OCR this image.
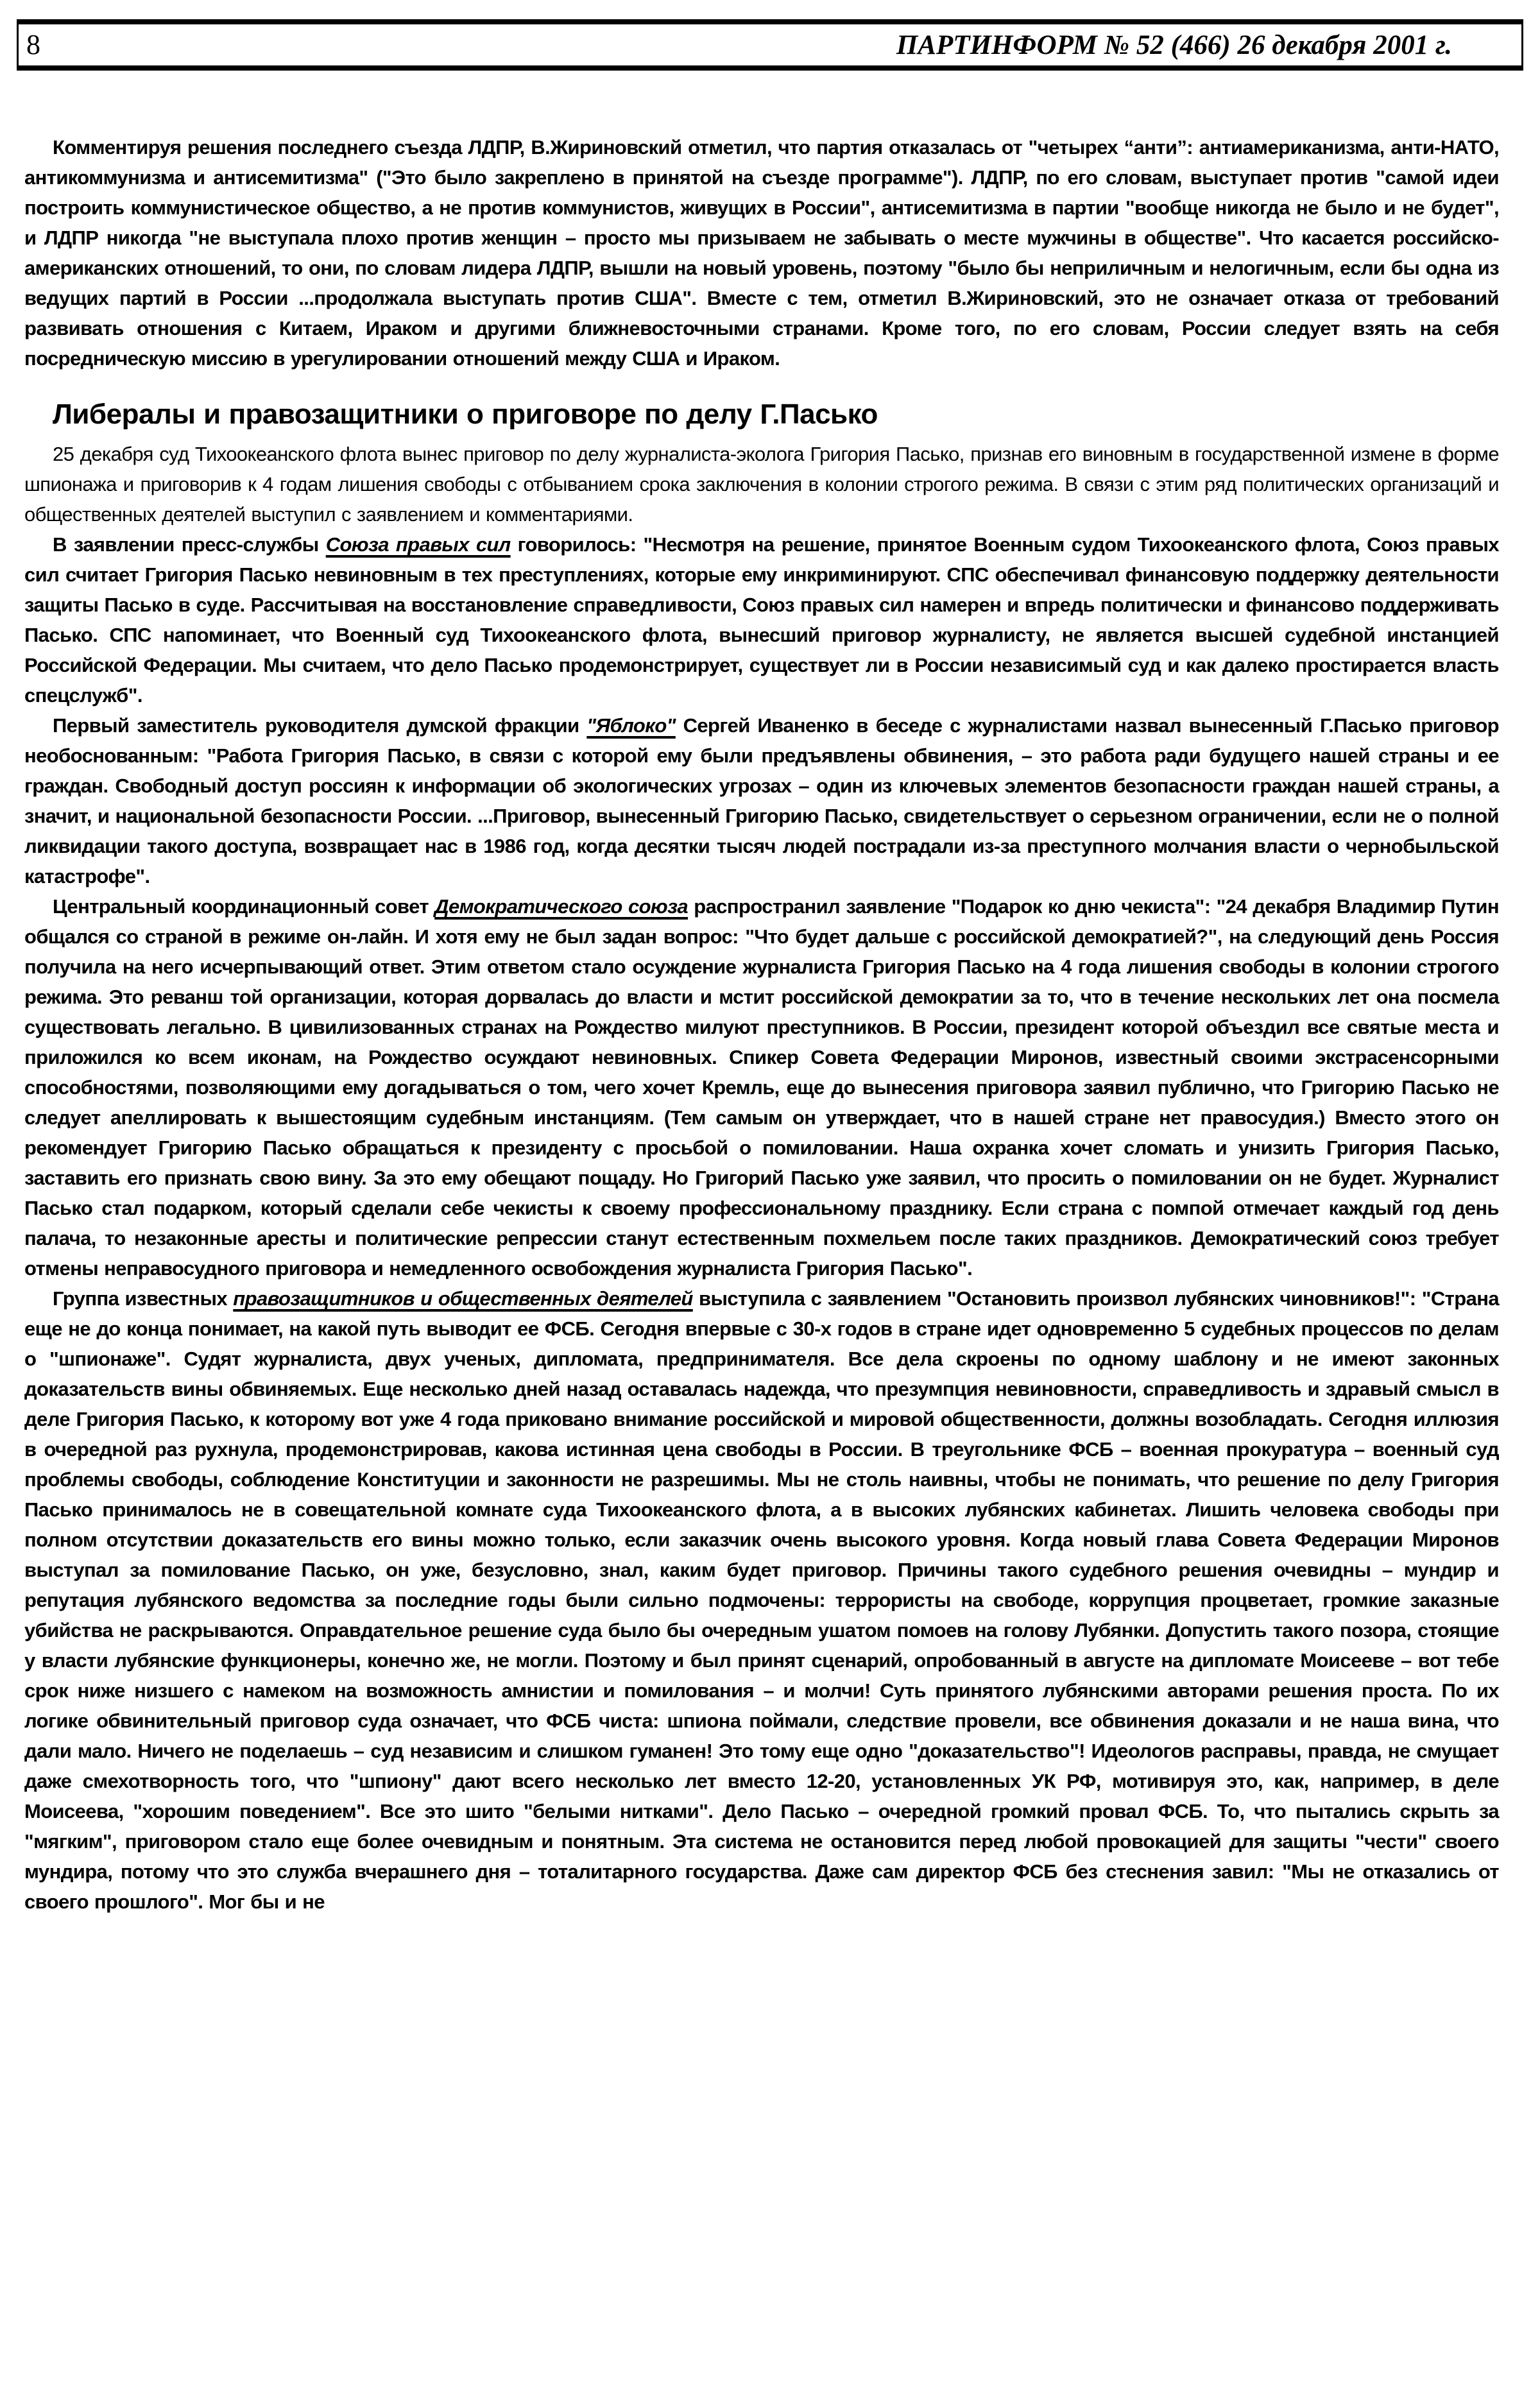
8	ПАРТИНФОРМ № 52 (466) 26 декабря 2001 г.

Комментируя решения последнего съезда ЛДПР, В.Жириновский отметил, что партия отказалась от "четырех “анти”: антиамериканизма, анти-НАТО, антикоммунизма и антисемитизма" ("Это было закреплено в принятой на съезде программе"). ЛДПР, по его словам, выступает против "самой идеи построить коммунистическое общество, а не против коммунистов, живущих в России", антисемитизма в партии "вообще никогда не было и не будет", и ЛДПР никогда "не выступала плохо против женщин – просто мы призываем не забывать о месте мужчины в обществе". Что касается российско-американских отношений, то они, по словам лидера ЛДПР, вышли на новый уровень, поэтому "было бы неприличным и нелогичным, если бы одна из ведущих партий в России ...продолжала выступать против США". Вместе с тем, отметил В.Жириновский, это не означает отказа от требований развивать отношения с Китаем, Ираком и другими ближневосточными странами. Кроме того, по его словам, России следует взять на себя посредническую миссию в урегулировании отношений между США и Ираком.

Либералы и правозащитники о приговоре по делу Г.Пасько

25 декабря суд Тихоокеанского флота вынес приговор по делу журналиста-эколога Григория Пасько, признав его виновным в государственной измене в форме шпионажа и приговорив к 4 годам лишения свободы с отбыванием срока заключения в колонии строгого режима. В связи с этим ряд политических организаций и общественных деятелей выступил с заявлением и комментариями.

В заявлении пресс-службы Союза правых сил говорилось: "Несмотря на решение, принятое Военным судом Тихоокеанского флота, Союз правых сил считает Григория Пасько невиновным в тех преступлениях, которые ему инкриминируют. СПС обеспечивал финансовую поддержку деятельности защиты Пасько в суде. Рассчитывая на восстановление справедливости, Союз правых сил намерен и впредь политически и финансово поддерживать Пасько. СПС напоминает, что Военный суд Тихоокеанского флота, вынесший приговор журналисту, не является высшей судебной инстанцией Российской Федерации. Мы считаем, что дело Пасько продемонстрирует, существует ли в России независимый суд и как далеко простирается власть спецслужб".

Первый заместитель руководителя думской фракции "Яблоко" Сергей Иваненко в беседе с журналистами назвал вынесенный Г.Пасько приговор необоснованным: "Работа Григория Пасько, в связи с которой ему были предъявлены обвинения, – это работа ради будущего нашей страны и ее граждан. Свободный доступ россиян к информации об экологических угрозах – один из ключевых элементов безопасности граждан нашей страны, а значит, и национальной безопасности России. ...Приговор, вынесенный Григорию Пасько, свидетельствует о серьезном ограничении, если не о полной ликвидации такого доступа, возвращает нас в 1986 год, когда десятки тысяч людей пострадали из-за преступного молчания власти о чернобыльской катастрофе".

Центральный координационный совет Демократического союза распространил заявление "Подарок ко дню чекиста": "24 декабря Владимир Путин общался со страной в режиме он-лайн. И хотя ему не был задан вопрос: "Что будет дальше с российской демократией?", на следующий день Россия получила на него исчерпывающий ответ. Этим ответом стало осуждение журналиста Григория Пасько на 4 года лишения свободы в колонии строгого режима. Это реванш той организации, которая дорвалась до власти и мстит российской демократии за то, что в течение нескольких лет она посмела существовать легально. В цивилизованных странах на Рождество милуют преступников. В России, президент которой объездил все святые места и приложился ко всем иконам, на Рождество осуждают невиновных. Спикер Совета Федерации Миронов, известный своими экстрасенсорными способностями, позволяющими ему догадываться о том, чего хочет Кремль, еще до вынесения приговора заявил публично, что Григорию Пасько не следует апеллировать к вышестоящим судебным инстанциям. (Тем самым он утверждает, что в нашей стране нет правосудия.) Вместо этого он рекомендует Григорию Пасько обращаться к президенту с просьбой о помиловании. Наша охранка хочет сломать и унизить Григория Пасько, заставить его признать свою вину. За это ему обещают пощаду. Но Григорий Пасько уже заявил, что просить о помиловании он не будет. Журналист Пасько стал подарком, который сделали себе чекисты к своему профессиональному празднику. Если страна с помпой отмечает каждый год день палача, то незаконные аресты и политические репрессии станут естественным похмельем после таких праздников. Демократический союз требует отмены неправосудного приговора и немедленного освобождения журналиста Григория Пасько".

Группа известных правозащитников и общественных деятелей выступила с заявлением "Остановить произвол лубянских чиновников!": "Страна еще не до конца понимает, на какой путь выводит ее ФСБ. Сегодня впервые с 30-х годов в стране идет одновременно 5 судебных процессов по делам о "шпионаже". Судят журналиста, двух ученых, дипломата, предпринимателя. Все дела скроены по одному шаблону и не имеют законных доказательств вины обвиняемых. Еще несколько дней назад оставалась надежда, что презумпция невиновности, справедливость и здравый смысл в деле Григория Пасько, к которому вот уже 4 года приковано внимание российской и мировой общественности, должны возобладать. Сегодня иллюзия в очередной раз рухнула, продемонстрировав, какова истинная цена свободы в России. В треугольнике ФСБ – военная прокуратура – военный суд проблемы свободы, соблюдение Конституции и законности не разрешимы. Мы не столь наивны, чтобы не понимать, что решение по делу Григория Пасько принималось не в совещательной комнате суда Тихоокеанского флота, а в высоких лубянских кабинетах. Лишить человека свободы при полном отсутствии доказательств его вины можно только, если заказчик очень высокого уровня. Когда новый глава Совета Федерации Миронов выступал за помилование Пасько, он уже, безусловно, знал, каким будет приговор. Причины такого судебного решения очевидны – мундир и репутация лубянского ведомства за последние годы были сильно подмочены: террористы на свободе, коррупция процветает, громкие заказные убийства не раскрываются. Оправдательное решение суда было бы очередным ушатом помоев на голову Лубянки. Допустить такого позора, стоящие у власти лубянские функционеры, конечно же, не могли. Поэтому и был принят сценарий, опробованный в августе на дипломате Моисееве – вот тебе срок ниже низшего с намеком на возможность амнистии и помилования – и молчи! Суть принятого лубянскими авторами решения проста. По их логике обвинительный приговор суда означает, что ФСБ чиста: шпиона поймали, следствие провели, все обвинения доказали и не наша вина, что дали мало. Ничего не поделаешь – суд независим и слишком гуманен! Это тому еще одно "доказательство"! Идеологов расправы, правда, не смущает даже смехотворность того, что "шпиону" дают всего несколько лет вместо 12-20, установленных УК РФ, мотивируя это, как, например, в деле Моисеева, "хорошим поведением". Все это шито "белыми нитками". Дело Пасько – очередной громкий провал ФСБ. То, что пытались скрыть за "мягким", приговором стало еще более очевидным и понятным. Эта система не остановится перед любой провокацией для защиты "чести" своего мундира, потому что это служба вчерашнего дня – тоталитарного государства. Даже сам директор ФСБ без стеснения завил: "Мы не отказались от своего прошлого". Мог бы и не
